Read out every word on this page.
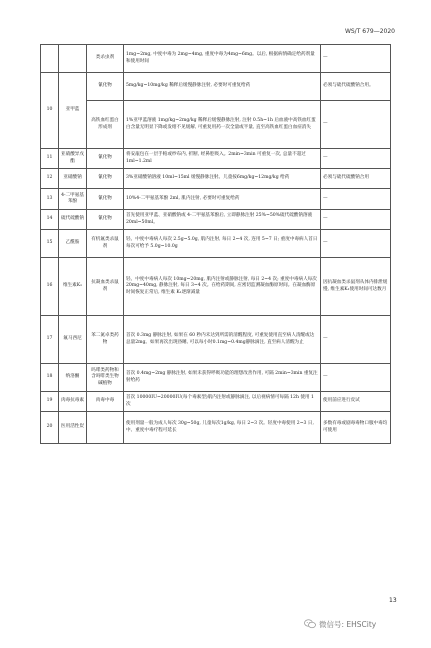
WS/T 679—2020
		类杀虫剂	1mg~2mg, 中度中毒为 2mg~4mg, 重度中毒为4mg~6mg。以后, 根据病情确定给药剂量和使用时间	—
10	亚甲蓝	氰化物	5mg/kg~10mg/kg 稀释后缓慢静脉注射, 必要时可重复给药	必须与硫代硫酸钠合用。
		高铁血红蛋白形成剂	1%亚甲蓝溶液 1mg/kg~2mg/kg 稀释后缓慢静脉注射, 注射 0.5h~1h 后血液中高铁血红蛋白含量无明显下降或发绀不见缓解, 可重复用药一次全量或半量, 直至高铁血红蛋白血症消失	—
11	亚硝酸异戊酯	氰化物	将安瓿包在一层手帕或纱布内, 折断, 经鼻腔吸入。2min~3min 可重复一次, 总量不超过 1ml~1.2ml	—
12	亚硝酸钠	氰化物	3%亚硝酸钠溶液 10ml~15ml 缓慢静脉注射。儿童按6mg/kg~12mg/kg 给药	必须与硫代硫酸钠合用
13	4-二甲氨基苯酚	氰化物	10%4-二甲氨基苯酚 2ml, 肌内注射, 必要时可重复给药	—
14	硫代硫酸钠	氰化物	首先使用亚甲蓝、亚硝酸钠或 4-二甲氨基苯酚后, 立即静脉注射 25%~50%硫代硫酸钠溶液 20ml~50ml。	—
15	乙酰胺	有机氟类杀鼠剂	轻、中度中毒病人每次 2.5g~5.0g, 肌内注射, 每日 2~4 次, 连用 5~7 日; 重度中毒病人首日每次可给予 5.0g~10.0g	—
16	维生素K₁	抗凝血类杀鼠剂	轻、中度中毒病人每次 10mg~20mg, 肌内注射或静脉注射, 每日 2~4 次; 重度中毒病人每次20mg~40mg, 静脉注射, 每日 3~4 次。在给药期间, 应密切监测凝血酶原时间。在凝血酶原时间恢复正常后, 维生素 K₁逐渐减量	因抗凝血类杀鼠剂从体内排泄缓慢, 维生素K₁使用时间可达数月
17	氟马西尼	苯二氮卓类药物	首次 0.3mg 静脉注射, 如果在 60 秒内未达到所需的清醒程度, 可重复使用直至病人清醒或达总量2mg。如果再次出现昏睡, 可以每小时0.1mg~0.4mg静脉滴注, 直至病人清醒为止	—
18	纳洛酮	吗啡类药物和含吗啡类生物碱植物	首次 0.4mg~2mg 静脉注射, 如果未获得呼吸功能的理想改善作用, 可隔 2min~3min 重复注射给药	—
19	肉毒抗毒素	肉毒中毒	首次 10000IU~20000IU(每个毒素型)肌内注射或静脉滴注, 以后视病情可每隔 12h 使用 1 次	使用前应进行皮试
20	医用活性炭		使用剂量一般为成人每次 30g~50g, 儿童每次1g/kg, 每日 2~3 次。轻度中毒使用 2~3 日, 中、重度中毒疗程可延长	多数有毒或剧毒毒物口服中毒均可使用
13
微信号: EHSCity
